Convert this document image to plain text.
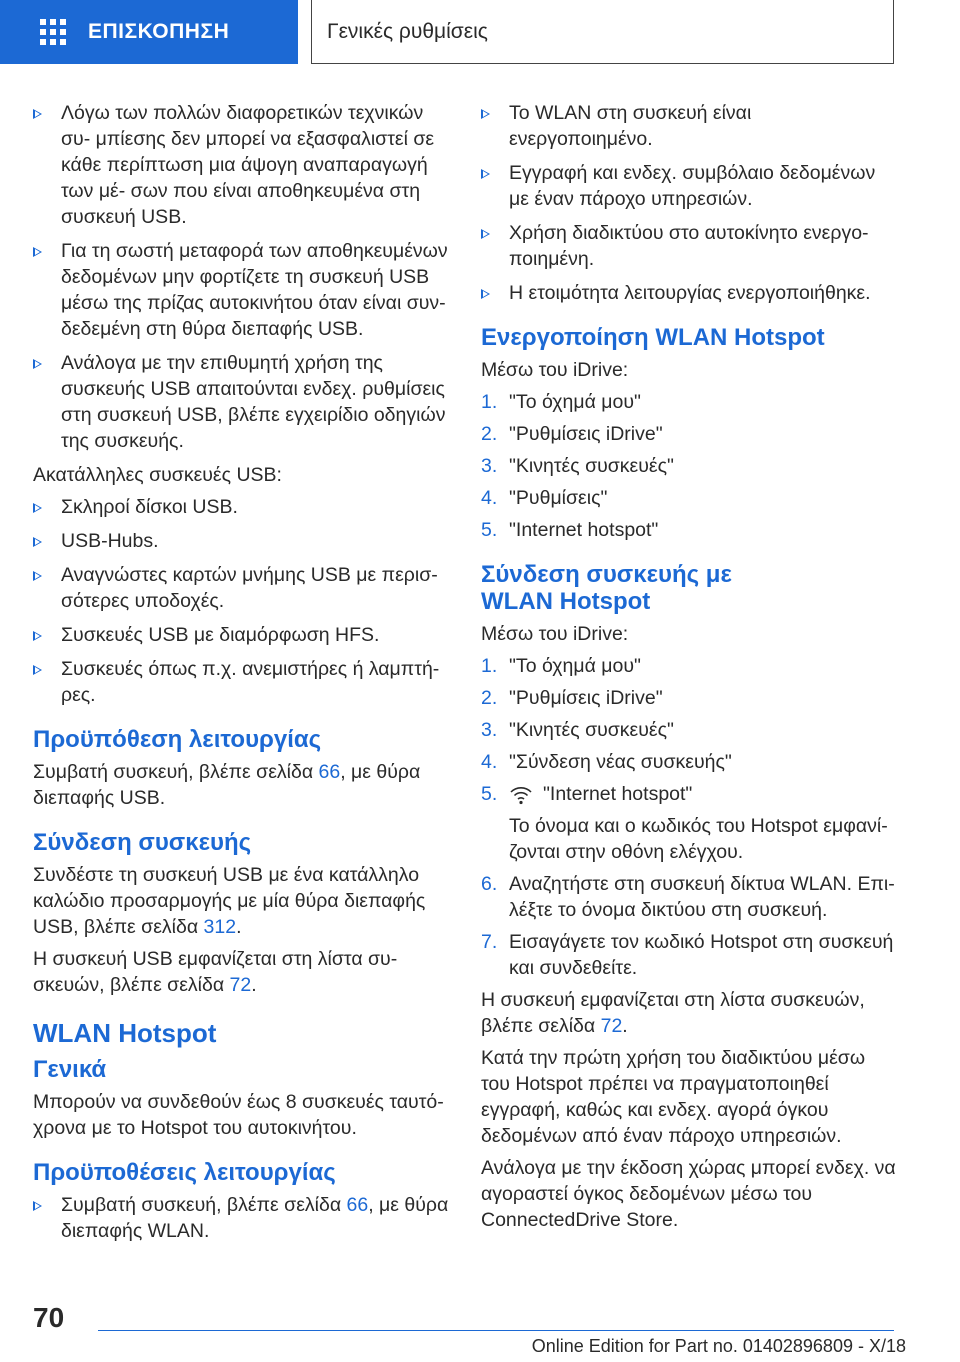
ΕΠΙΣΚΟΠΗΣΗ	Γενικές ρυθμίσεις
Λόγω των πολλών διαφορετικών τεχνικών συ‐ μπίεσης δεν μπορεί να εξασφαλιστεί σε κάθε περίπτωση μια άψογη αναπαραγωγή των μέ‐ σων που είναι αποθηκευμένα στη συσκευή USB.
Για τη σωστή μεταφορά των αποθηκευμένων δεδομένων μην φορτίζετε τη συσκευή USB μέσω της πρίζας αυτοκινήτου όταν είναι συν‐ δεδεμένη στη θύρα διεπαφής USB.
Ανάλογα με την επιθυμητή χρήση της συσκευής USB απαιτούνται ενδεχ. ρυθμίσεις στη συσκευή USB, βλέπε εγχειρίδιο οδηγιών της συσκευής.

Ακατάλληλες συσκευές USB:

Σκληροί δίσκοι USB.
USB-Hubs.
Αναγνώστες καρτών μνήμης USB με περισ‐ σότερες υποδοχές.
Συσκευές USB με διαμόρφωση HFS.
Συσκευές όπως π.χ. ανεμιστήρες ή λαμπτή‐ ρες.
Προϋπόθεση λειτουργίας

Συμβατή συσκευή, βλέπε σελίδα 66, με θύρα διεπαφής USB.

Σύνδεση συσκευής

Συνδέστε τη συσκευή USB με ένα κατάλληλο καλώδιο προσαρμογής με μία θύρα διεπαφής USB, βλέπε σελίδα 312.

Η συσκευή USB εμφανίζεται στη λίστα συ‐ σκευών, βλέπε σελίδα 72.

WLAN Hotspot
Γενικά

Μπορούν να συνδεθούν έως 8 συσκευές ταυτό‐ χρονα με το Hotspot του αυτοκινήτου.

Προϋποθέσεις λειτουργίας
Συμβατή συσκευή, βλέπε σελίδα 66, με θύρα διεπαφής WLAN.
Το WLAN στη συσκευή είναι ενεργοποιημένο.
Εγγραφή και ενδεχ. συμβόλαιο δεδομένων με έναν πάροχο υπηρεσιών.
Χρήση διαδικτύου στο αυτοκίνητο ενεργο‐ ποιημένη.
Η ετοιμότητα λειτουργίας ενεργοποιήθηκε.
Ενεργοποίηση WLAN Hotspot

Μέσω του iDrive:

1. "Το όχημά μου"
2. "Ρυθμίσεις iDrive"
3. "Κινητές συσκευές"
4. "Ρυθμίσεις"
5. "Internet hotspot"
Σύνδεση συσκευής με
WLAN Hotspot

Μέσω του iDrive:

1. "Το όχημά μου"
2. "Ρυθμίσεις iDrive"
3. "Κινητές συσκευές"
4. "Σύνδεση νέας συσκευής"
5. "Internet hotspot"
Το όνομα και ο κωδικός του Hotspot εμφανί‐ ζονται στην οθόνη ελέγχου.
6. Αναζητήστε στη συσκευή δίκτυα WLAN. Επι‐ λέξτε το όνομα δικτύου στη συσκευή.
7. Εισαγάγετε τον κωδικό Hotspot στη συσκευή και συνδεθείτε.

Η συσκευή εμφανίζεται στη λίστα συσκευών, βλέπε σελίδα 72.

Κατά την πρώτη χρήση του διαδικτύου μέσω του Hotspot πρέπει να πραγματοποιηθεί εγγραφή, καθώς και ενδεχ. αγορά όγκου δεδομένων από έναν πάροχο υπηρεσιών.

Ανάλογα με την έκδοση χώρας μπορεί ενδεχ. να αγοραστεί όγκος δεδομένων μέσω του ConnectedDrive Store.

70
Online Edition for Part no. 01402896809 - X/18
